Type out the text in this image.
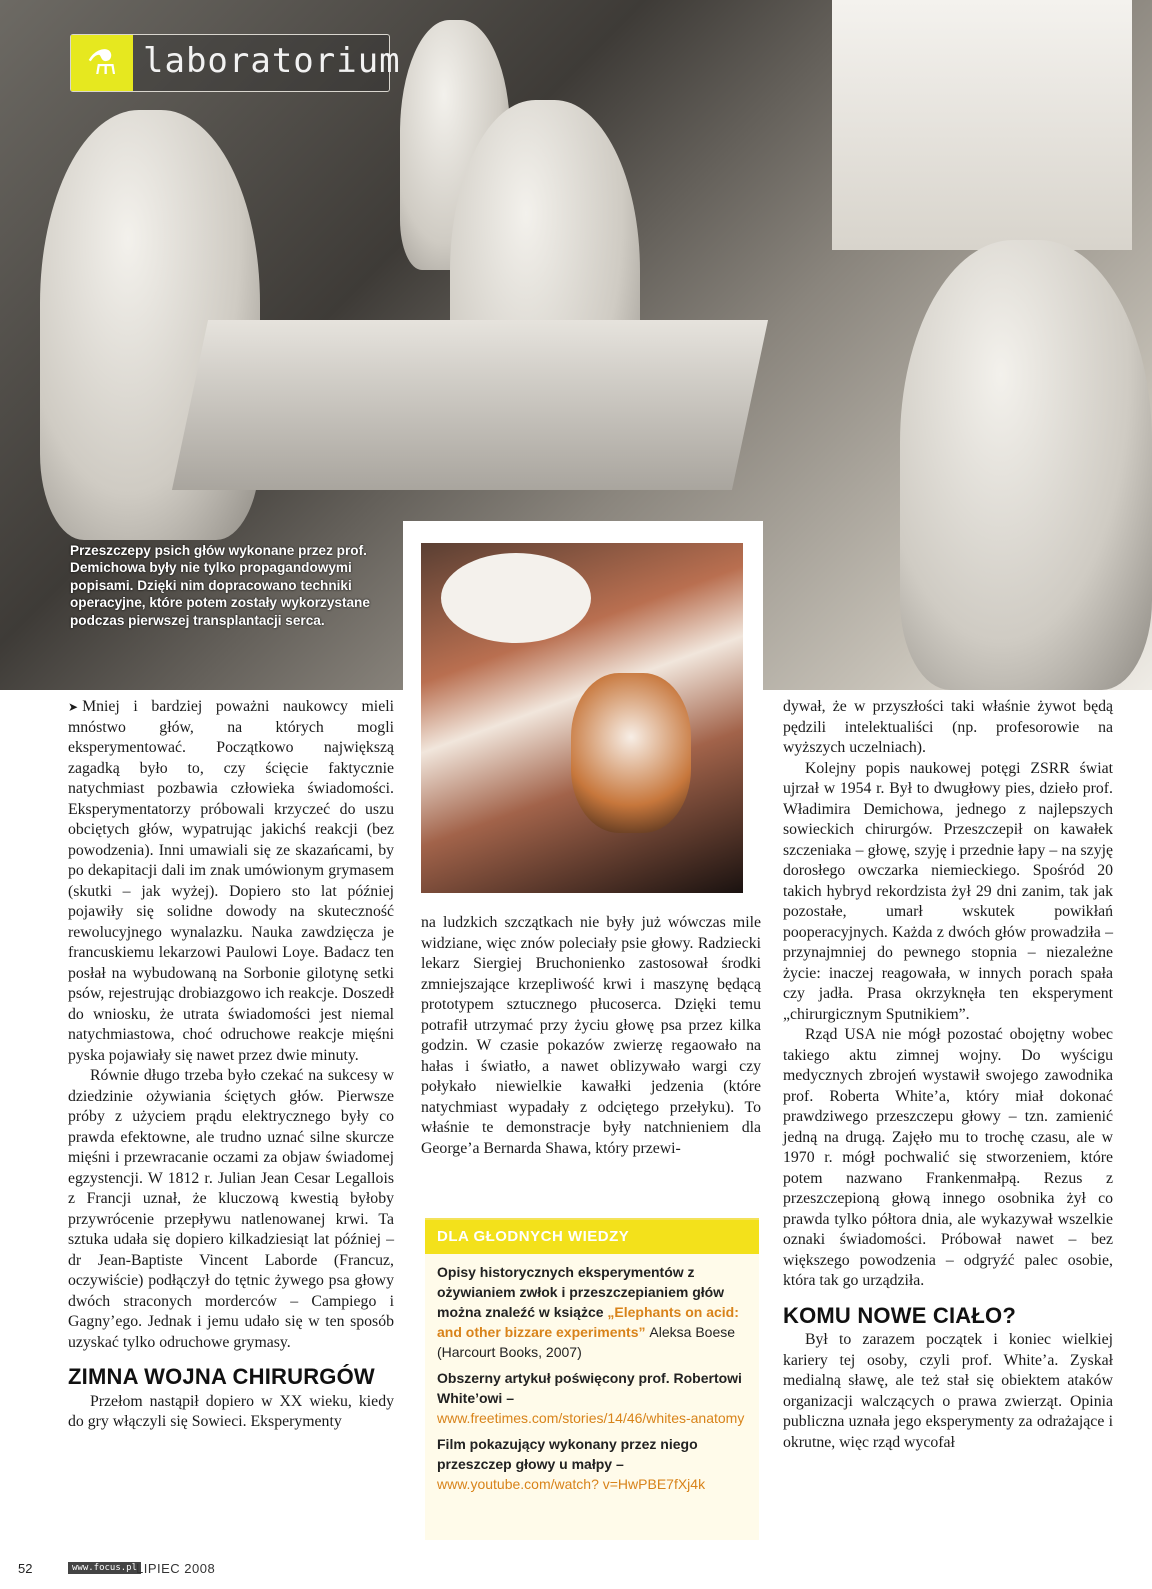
⚗ laboratorium
Przeszczepy psich głów wykonane przez prof. Demichowa były nie tylko propagandowymi popisami. Dzięki nim dopracowano techniki operacyjne, które potem zostały wykorzystane podczas pierwszej transplantacji serca.

➤ Mniej i bardziej poważni naukowcy mieli mnóstwo głów, na których mogli eksperymentować. Początkowo największą zagadką było to, czy ścięcie faktycznie natychmiast pozbawia człowieka świadomości. Eksperymentatorzy próbowali krzyczeć do uszu obciętych głów, wypatrując jakichś reakcji (bez powodzenia). Inni umawiali się ze skazańcami, by po dekapitacji dali im znak umówionym grymasem (skutki – jak wyżej). Dopiero sto lat później pojawiły się solidne dowody na skuteczność rewolucyjnego wynalazku. Nauka zawdzięcza je francuskiemu lekarzowi Paulowi Loye. Badacz ten posłał na wybudowaną na Sorbonie gilotynę setki psów, rejestrując drobiazgowo ich reakcje. Doszedł do wniosku, że utrata świadomości jest niemal natychmiastowa, choć odruchowe reakcje mięśni pyska pojawiały się nawet przez dwie minuty.

Równie długo trzeba było czekać na sukcesy w dziedzinie ożywiania ściętych głów. Pierwsze próby z użyciem prądu elektrycznego były co prawda efektowne, ale trudno uznać silne skurcze mięśni i przewracanie oczami za objaw świadomej egzystencji. W 1812 r. Julian Jean Cesar Legallois z Francji uznał, że kluczową kwestią byłoby przywrócenie przepływu natlenowanej krwi. Ta sztuka udała się dopiero kilkadziesiąt lat później – dr Jean-Baptiste Vincent Laborde (Francuz, oczywiście) podłączył do tętnic żywego psa głowy dwóch straconych morderców – Campiego i Gagny’ego. Jednak i jemu udało się w ten sposób uzyskać tylko odruchowe grymasy.

ZIMNA WOJNA CHIRURGÓW

Przełom nastąpił dopiero w XX wieku, kiedy do gry włączyli się Sowieci. Eksperymenty

na ludzkich szczątkach nie były już wówczas mile widziane, więc znów poleciały psie głowy. Radziecki lekarz Siergiej Bruchonienko zastosował środki zmniejszające krzepliwość krwi i maszynę będącą prototypem sztucznego płucoserca. Dzięki temu potrafił utrzymać przy życiu głowę psa przez kilka godzin. W czasie pokazów zwierzę regaowało na hałas i światło, a nawet oblizywało wargi czy połykało niewielkie kawałki jedzenia (które natychmiast wypadały z odciętego przełyku). To właśnie te demonstracje były natchnieniem dla George’a Bernarda Shawa, który przewi-

DLA GŁODNYCH WIEDZY

Opisy historycznych eksperymentów z ożywianiem zwłok i przeszczepianiem głów można znaleźć w książce „Elephants on acid: and other bizzare experiments” Aleksa Boese (Harcourt Books, 2007)

Obszerny artykuł poświęcony prof. Robertowi White’owi – www.freetimes.com/stories/14/46/whites-anatomy

Film pokazujący wykonany przez niego przeszczep głowy u małpy – www.youtube.com/watch? v=HwPBE7fXj4k

dywał, że w przyszłości taki właśnie żywot będą pędzili intelektualiści (np. profesorowie na wyższych uczelniach).

Kolejny popis naukowej potęgi ZSRR świat ujrzał w 1954 r. Był to dwugłowy pies, dzieło prof. Władimira Demichowa, jednego z najlepszych sowieckich chirurgów. Przeszczepił on kawałek szczeniaka – głowę, szyję i przednie łapy – na szyję dorosłego owczarka niemieckiego. Spośród 20 takich hybryd rekordzista żył 29 dni zanim, tak jak pozostałe, umarł wskutek powikłań pooperacyjnych. Każda z dwóch głów prowadziła – przynajmniej do pewnego stopnia – niezależne życie: inaczej reagowała, w innych porach spała czy jadła. Prasa okrzyknęła ten eksperyment „chirurgicznym Sputnikiem”.

Rząd USA nie mógł pozostać obojętny wobec takiego aktu zimnej wojny. Do wyścigu medycznych zbrojeń wystawił swojego zawodnika prof. Roberta White’a, który miał dokonać prawdziwego przeszczepu głowy – tzn. zamienić jedną na drugą. Zajęło mu to trochę czasu, ale w 1970 r. mógł pochwalić się stworzeniem, które potem nazwano Frankenmałpą. Rezus z przeszczepioną głową innego osobnika żył co prawda tylko półtora dnia, ale wykazywał wszelkie oznaki świadomości. Próbował nawet – bez większego powodzenia – odgryźć palec osobie, która tak go urządziła.

KOMU NOWE CIAŁO?

Był to zarazem początek i koniec wielkiej kariery tej osoby, czyli prof. White’a. Zyskał medialną sławę, ale też stał się obiektem ataków organizacji walczących o prawa zwierząt. Opinia publiczna uznała jego eksperymenty za odrażające i okrutne, więc rząd wycofał

52	www.focus.pl
LIPIEC 2008
